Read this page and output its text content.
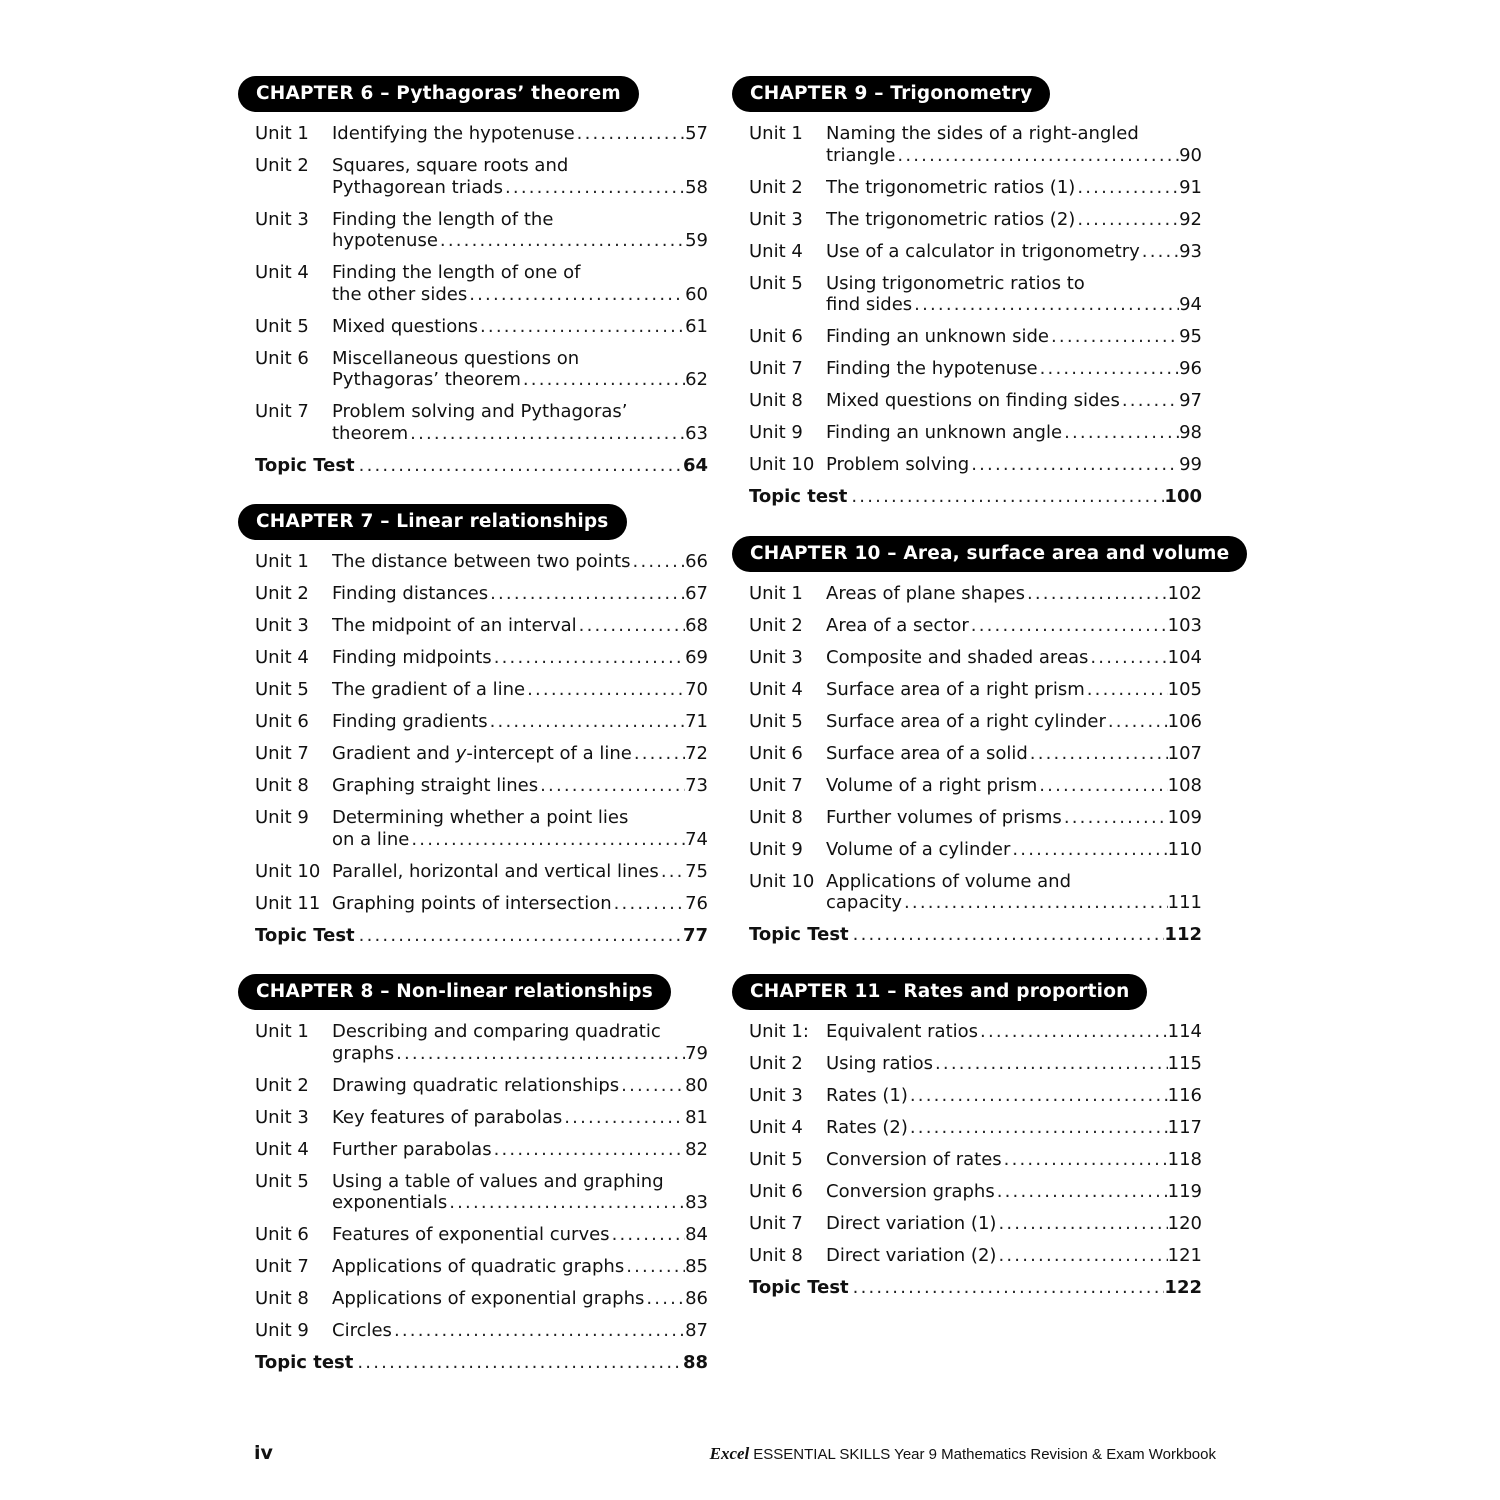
CHAPTER 6 – Pythagoras’ theorem
Unit 1	Identifying the hypotenuse .....	57
Unit 2	Squares, square roots and
Pythagorean triads .....	58
Unit 3	Finding the length of the
hypotenuse .....	59
Unit 4	Finding the length of one of
the other sides .....	60
Unit 5	Mixed questions .....	61
Unit 6	Miscellaneous questions on
Pythagoras’ theorem .....	62
Unit 7	Problem solving and Pythagoras’
theorem .....	63
Topic Test .....	64
CHAPTER 7 – Linear relationships
Unit 1	The distance between two points .....	66
Unit 2	Finding distances .....	67
Unit 3	The midpoint of an interval .....	68
Unit 4	Finding midpoints .....	69
Unit 5	The gradient of a line .....	70
Unit 6	Finding gradients .....	71
Unit 7	Gradient and y-intercept of a line .....	72
Unit 8	Graphing straight lines .....	73
Unit 9	Determining whether a point lies
on a line .....	74
Unit 10 Parallel, horizontal and vertical lines ..... 75
Unit 11 Graphing points of intersection .....	76
Topic Test .....	77
CHAPTER 8 – Non-linear relationships
Unit 1	Describing and comparing quadratic
graphs .....	79
Unit 2	Drawing quadratic relationships .....	80
Unit 3	Key features of parabolas .....	81
Unit 4	Further parabolas .....	82
Unit 5	Using a table of values and graphing
exponentials .....	83
Unit 6	Features of exponential curves .....	84
Unit 7	Applications of quadratic graphs .....	85
Unit 8	Applications of exponential graphs ..... 86
Unit 9	Circles .....	87
Topic test .....	88
CHAPTER 9 – Trigonometry
Unit 1	Naming the sides of a right-angled
triangle .....	90
Unit 2	The trigonometric ratios (1) .....	91
Unit 3	The trigonometric ratios (2) .....	92
Unit 4	Use of a calculator in trigonometry ..... 93
Unit 5	Using trigonometric ratios to
find sides .....	94
Unit 6	Finding an unknown side .....	95
Unit 7	Finding the hypotenuse .....	96
Unit 8	Mixed questions on finding sides .....	97
Unit 9	Finding an unknown angle .....	98
Unit 10 Problem solving .....	99
Topic test .....	100
CHAPTER 10 – Area, surface area and volume
Unit 1	Areas of plane shapes .....	102
Unit 2	Area of a sector .....	103
Unit 3	Composite and shaded areas .....	104
Unit 4	Surface area of a right prism .....	105
Unit 5	Surface area of a right cylinder .....	106
Unit 6	Surface area of a solid .....	107
Unit 7	Volume of a right prism .....	108
Unit 8	Further volumes of prisms .....	109
Unit 9	Volume of a cylinder .....	110
Unit 10 Applications of volume and
capacity .....	111
Topic Test .....	112
CHAPTER 11 – Rates and proportion
Unit 1: Equivalent ratios .....	114
Unit 2	Using ratios .....	115
Unit 3	Rates (1) .....	116
Unit 4	Rates (2) .....	117
Unit 5	Conversion of rates .....	118
Unit 6	Conversion graphs .....	119
Unit 7	Direct variation (1) .....	120
Unit 8	Direct variation (2) .....	121
Topic Test .....	122
iv	Excel ESSENTIAL SKILLS Year 9 Mathematics Revision & Exam Workbook
